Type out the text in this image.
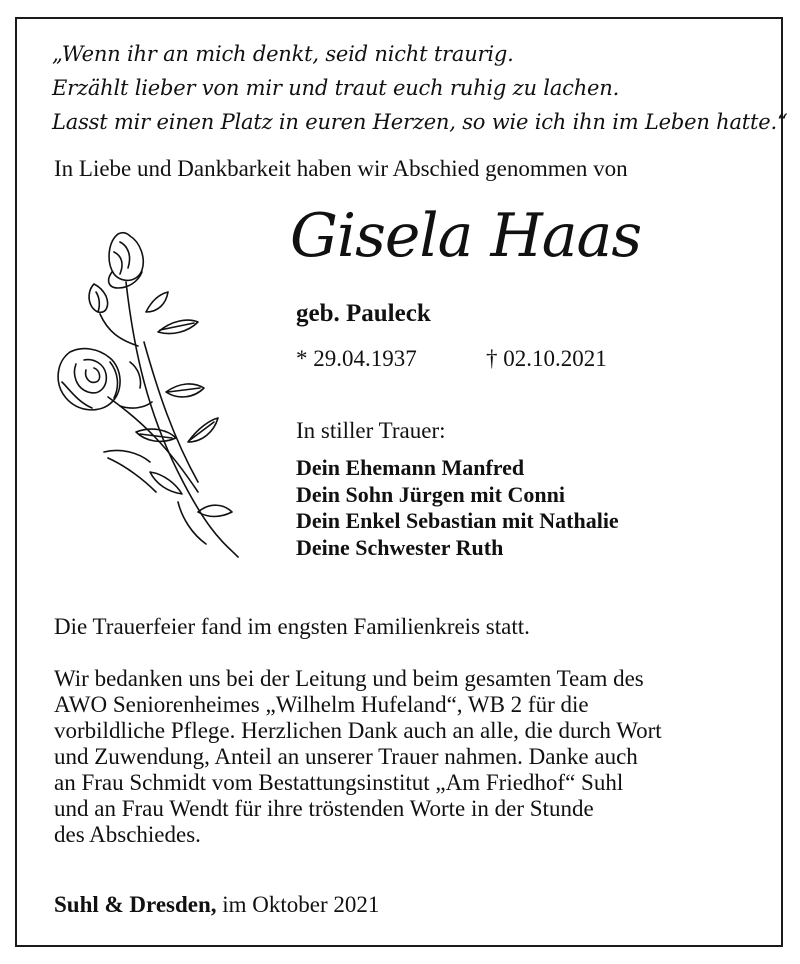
„Wenn ihr an mich denkt, seid nicht traurig.
Erzählt lieber von mir und traut euch ruhig zu lachen.
Lasst mir einen Platz in euren Herzen, so wie ich ihn im Leben hatte.“
In Liebe und Dankbarkeit haben wir Abschied genommen von
Gisela Haas
geb. Pauleck
* 29.04.1937	† 02.10.2021
In stiller Trauer:
Dein Ehemann Manfred
Dein Sohn Jürgen mit Conni
Dein Enkel Sebastian mit Nathalie
Deine Schwester Ruth
Die Trauerfeier fand im engsten Familienkreis statt.
Wir bedanken uns bei der Leitung und beim gesamten Team des
AWO Seniorenheimes „Wilhelm Hufeland“, WB 2 für die
vorbildliche Pflege. Herzlichen Dank auch an alle, die durch Wort
und Zuwendung, Anteil an unserer Trauer nahmen. Danke auch
an Frau Schmidt vom Bestattungsinstitut „Am Friedhof“ Suhl
und an Frau Wendt für ihre tröstenden Worte in der Stunde
des Abschiedes.
Suhl & Dresden, im Oktober 2021
